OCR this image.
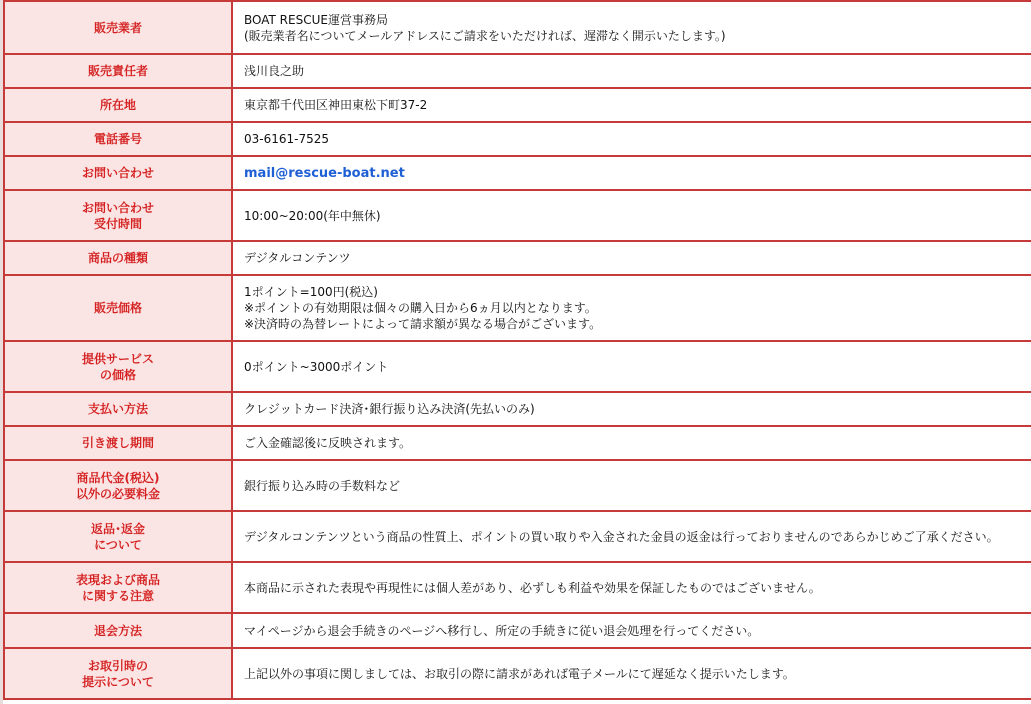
販売業者	BOAT RESCUE運営事務局
(販売業者名についてメールアドレスにご請求をいただければ、遅滞なく開示いたします。)

販売責任者	浅川良之助

所在地	東京都千代田区神田東松下町37-2

電話番号	03-6161-7525

お問い合わせ	mail@rescue-boat.net

お問い合わせ
受付時間	10:00~20:00(年中無休)

商品の種類	デジタルコンテンツ

販売価格	1ポイント=100円(税込)
※ポイントの有効期限は個々の購入日から6ヵ月以内となります。
※決済時の為替レートによって請求額が異なる場合がございます。

提供サービス
の価格	0ポイント~3000ポイント

支払い方法	クレジットカード決済･銀行振り込み決済(先払いのみ)

引き渡し期間	ご入金確認後に反映されます。

商品代金(税込)
以外の必要料金	銀行振り込み時の手数料など

返品･返金
について	デジタルコンテンツという商品の性質上、ポイントの買い取りや入金された金員の返金は行っておりませんのであらかじめご了承ください。

表現および商品
に関する注意	本商品に示された表現や再現性には個人差があり、必ずしも利益や効果を保証したものではございません。

退会方法	マイページから退会手続きのページへ移行し、所定の手続きに従い退会処理を行ってください。

お取引時の
提示について	上記以外の事項に関しましては、お取引の際に請求があれば電子メールにて遅延なく提示いたします。
